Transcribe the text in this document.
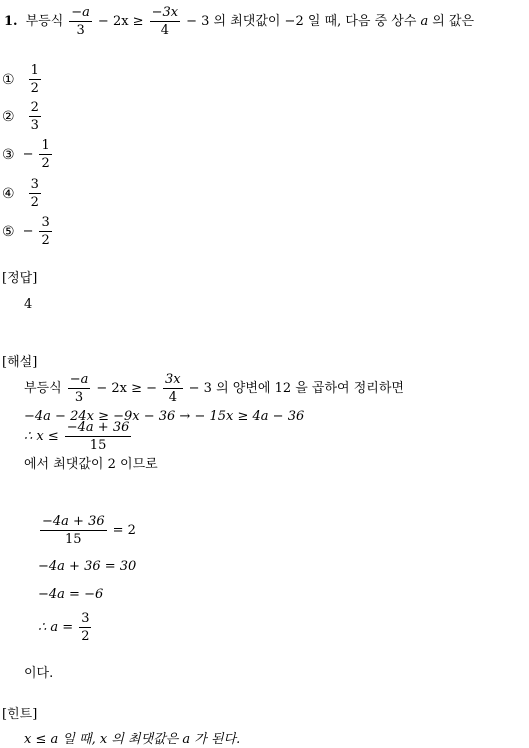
1. 부등식 $\frac{-a}{3} - 2x \ge \frac{-3x}{4} - 3$ 의 최댓값이 −2 일 때, 다음 중 상수 a 의 값은
① $\frac{1}{2}$
② $\frac{2}{3}$
③ − $\frac{1}{2}$
④ $\frac{3}{2}$
⑤ − $\frac{3}{2}$
[정답]
4
[해설]
부등식 $\frac{-a}{3} - 2x$ ≥ − $\frac{3x}{4} - 3$ 의 양변에 12 을 곱하여 정리하면
−4a − 24x ≥ −9x − 36 → − 15x ≥ 4a − 36
∴ $x \le \frac{-4a + 36}{15}$
에서 최댓값이 2 이므로
$\frac{-4a + 36}{15} = 2$
−4a + 36 = 30
−4a = −6
∴ $a = \frac{3}{2}$
이다.
[힌트]
x ≤ a 일 때, x 의 최댓값은 a 가 된다.
